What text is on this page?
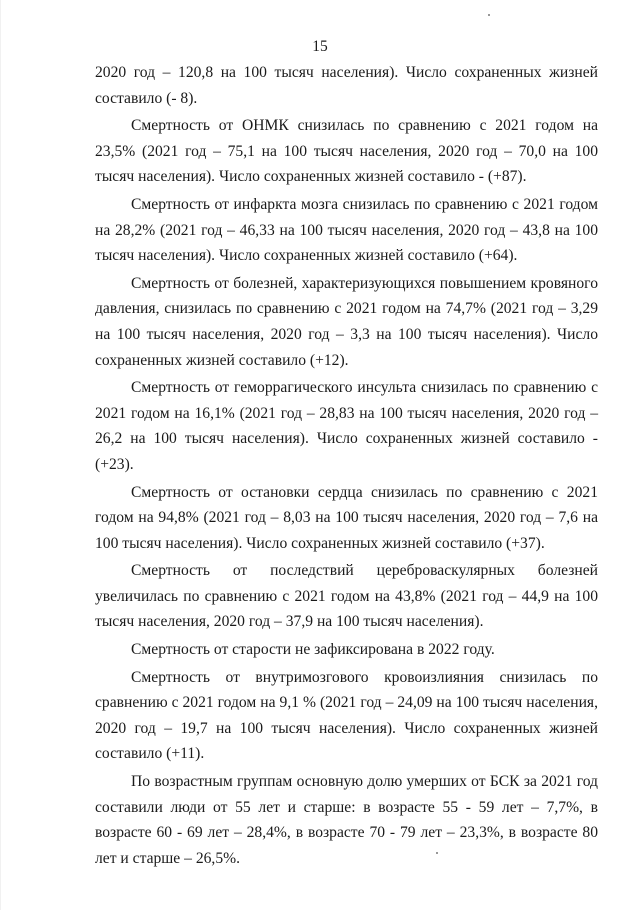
15

2020 год – 120,8 на 100 тысяч населения). Число сохраненных жизней составило (- 8).

Смертность от ОНМК снизилась по сравнению с 2021 годом на 23,5% (2021 год – 75,1 на 100 тысяч населения, 2020 год – 70,0 на 100 тысяч населения). Число сохраненных жизней составило - (+87).

Смертность от инфаркта мозга снизилась по сравнению с 2021 годом на 28,2% (2021 год – 46,33 на 100 тысяч населения, 2020 год – 43,8 на 100 тысяч населения). Число сохраненных жизней составило (+64).

Смертность от болезней, характеризующихся повышением кровяного давления, снизилась по сравнению с 2021 годом на 74,7% (2021 год – 3,29 на 100 тысяч населения, 2020 год – 3,3 на 100 тысяч населения). Число сохраненных жизней составило (+12).

Смертность от геморрагического инсульта снизилась по сравнению с 2021 годом на 16,1% (2021 год – 28,83 на 100 тысяч населения, 2020 год – 26,2 на 100 тысяч населения). Число сохраненных жизней составило - (+23).

Смертность от остановки сердца снизилась по сравнению с 2021 годом на 94,8% (2021 год – 8,03 на 100 тысяч населения, 2020 год – 7,6 на 100 тысяч населения). Число сохраненных жизней составило (+37).

Смертность от последствий цереброваскулярных болезней увеличилась по сравнению с 2021 годом на 43,8% (2021 год – 44,9 на 100 тысяч населения, 2020 год – 37,9 на 100 тысяч населения).

Смертность от старости не зафиксирована в 2022 году.

Смертность от внутримозгового кровоизлияния снизилась по сравнению с 2021 годом на 9,1 % (2021 год – 24,09 на 100 тысяч населения, 2020 год – 19,7 на 100 тысяч населения). Число сохраненных жизней составило (+11).

По возрастным группам основную долю умерших от БСК за 2021 год составили люди от 55 лет и старше: в возрасте 55 - 59 лет – 7,7%, в возрасте 60 - 69 лет – 28,4%, в возрасте 70 - 79 лет – 23,3%, в возрасте 80 лет и старше – 26,5%.
